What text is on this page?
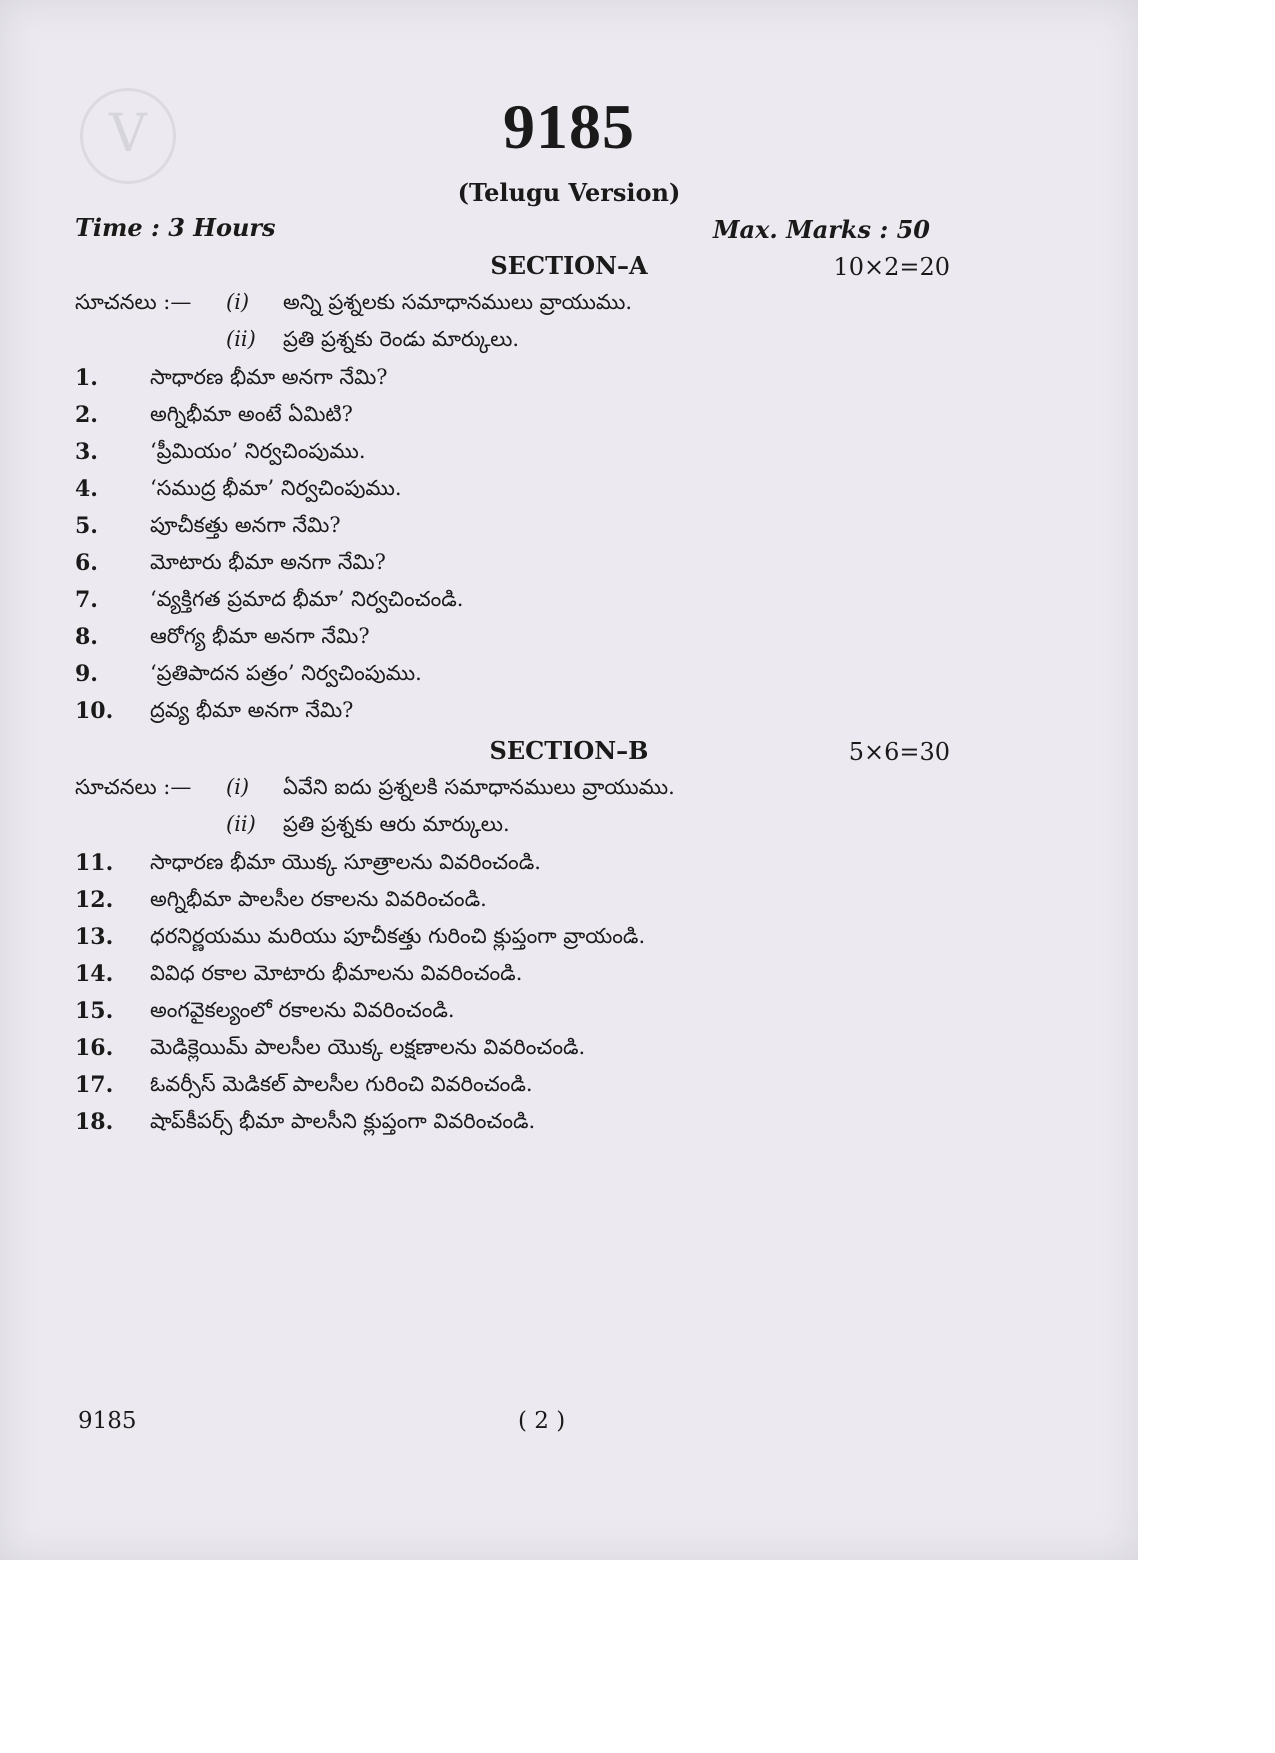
V	9185
(Telugu Version)
Time : 3 Hours	Max. Marks : 50
SECTION–A	10×2=20
సూచనలు :— (i) అన్ని ప్రశ్నలకు సమాధానములు వ్రాయుము.
(ii) ప్రతి ప్రశ్నకు రెండు మార్కులు.
1.	సాధారణ భీమా అనగా నేమి?
2.	అగ్నిభీమా అంటే ఏమిటి?
3.	‘ప్రీమియం’ నిర్వచింపుము.
4.	‘సముద్ర భీమా’ నిర్వచింపుము.
5.	పూచీకత్తు అనగా నేమి?
6.	మోటారు భీమా అనగా నేమి?
7.	‘వ్యక్తిగత ప్రమాద భీమా’ నిర్వచించండి.
8.	ఆరోగ్య భీమా అనగా నేమి?
9.	‘ప్రతిపాదన పత్రం’ నిర్వచింపుము.
10. ద్రవ్య భీమా అనగా నేమి?
SECTION–B	5×6=30
సూచనలు :— (i) ఏవేని ఐదు ప్రశ్నలకి సమాధానములు వ్రాయుము.
(ii) ప్రతి ప్రశ్నకు ఆరు మార్కులు.
11. సాధారణ భీమా యొక్క సూత్రాలను వివరించండి.
12. అగ్నిభీమా పాలసీల రకాలను వివరించండి.
13. ధరనిర్ణయము మరియు పూచీకత్తు గురించి క్లుప్తంగా వ్రాయండి.
14. వివిధ రకాల మోటారు భీమాలను వివరించండి.
15. అంగవైకల్యంలో రకాలను వివరించండి.
16. మెడిక్లెయిమ్ పాలసీల యొక్క లక్షణాలను వివరించండి.
17. ఓవర్సీస్ మెడికల్ పాలసీల గురించి వివరించండి.
18. షాప్‌కీపర్స్ భీమా పాలసీని క్లుప్తంగా వివరించండి.
9185	( 2 )
